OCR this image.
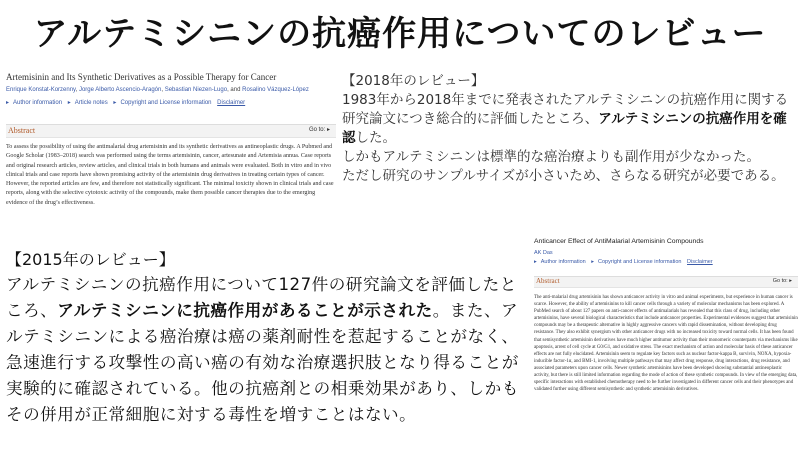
アルテミシニンの抗癌作用についてのレビュー
Artemisinin and Its Synthetic Derivatives as a Possible Therapy for Cancer
Enrique Konstat-Korzenny, Jorge Alberto Ascencio-Aragón, Sebastian Niezen-Lugo, and Rosalino Vázquez-López
▸ Author information ▸ Article notes ▸ Copyright and License information Disclaimer
Abstract	Go to: ▸

To assess the possibility of using the antimalarial drug artemisinin and its synthetic derivatives as antineoplastic drugs. A Pubmed and Google Scholar (1983–2018) search was performed using the terms artemisinin, cancer, artesunate and Artemisia annua. Case reports and original research articles, review articles, and clinical trials in both humans and animals were evaluated. Both in vitro and in vivo clinical trials and case reports have shown promising activity of the artemisinin drug derivatives in treating certain types of cancer. However, the reported articles are few, and therefore not statistically significant. The minimal toxicity shown in clinical trials and case reports, along with the selective cytotoxic activity of the compounds, make them possible cancer therapies due to the emerging evidence of the drug’s effectiveness.

【2018年のレビュー】

1983年から2018年までに発表されたアルテミシニンの抗癌作用に関する研究論文につき総合的に評価したところ、アルテミシニンの抗癌作用を確認した。

しかもアルテミシニンは標準的な癌治療よりも副作用が少なかった。

ただし研究のサンプルサイズが小さいため、さらなる研究が必要である。

Anticancer Effect of AntiMalarial Artemisinin Compounds
AK Das
▸ Author information ▸ Copyright and License information Disclaimer
Abstract	Go to: ▸

The anti-malarial drug artemisinin has shown anticancer activity in vitro and animal experiments, but experience in human cancer is scarce. However, the ability of artemisinins to kill cancer cells through a variety of molecular mechanisms has been explored. A PubMed search of about 127 papers on anti-cancer effects of antimalarials has revealed that this class of drug, including other artemisinins, have several biological characteristics that include anticancer properties. Experimental evidences suggest that artemisinin compounds may be a therapeutic alternative in highly aggressive cancers with rapid dissemination, without developing drug resistance. They also exhibit synergism with other anticancer drugs with no increased toxicity toward normal cells. It has been found that semisynthetic artemisinin derivatives have much higher antitumor activity than their monomeric counterparts via mechanisms like apoptosis, arrest of cell cycle at G0/G1, and oxidative stress. The exact mechanism of action and molecular basis of these anticancer effects are not fully elucidated. Artemisinin seem to regulate key factors such as nuclear factor-kappa B, survivin, NOXA, hypoxia-inducible factor-1α, and BMI-1, involving multiple pathways that may affect drug response, drug interactions, drug resistance, and associated parameters upon cancer cells. Newer synthetic artemisinins have been developed showing substantial antineoplastic activity, but there is still limited information regarding the mode of action of these synthetic compounds. In view of the emerging data, specific interactions with established chemotherapy need to be further investigated in different cancer cells and their phenotypes and validated further using different semisynthetic and synthetic artemisinin derivatives.

【2015年のレビュー】

アルテミシニンの抗癌作用について127件の研究論文を評価したところ、アルテミシニンに抗癌作用があることが示された。また、アルテミシニンによる癌治療は癌の薬剤耐性を惹起することがなく、急速進行する攻撃性の高い癌の有効な治療選択肢となり得ることが実験的に確認されている。他の抗癌剤との相乗効果があり、しかもその併用が正常細胞に対する毒性を増すことはない。
